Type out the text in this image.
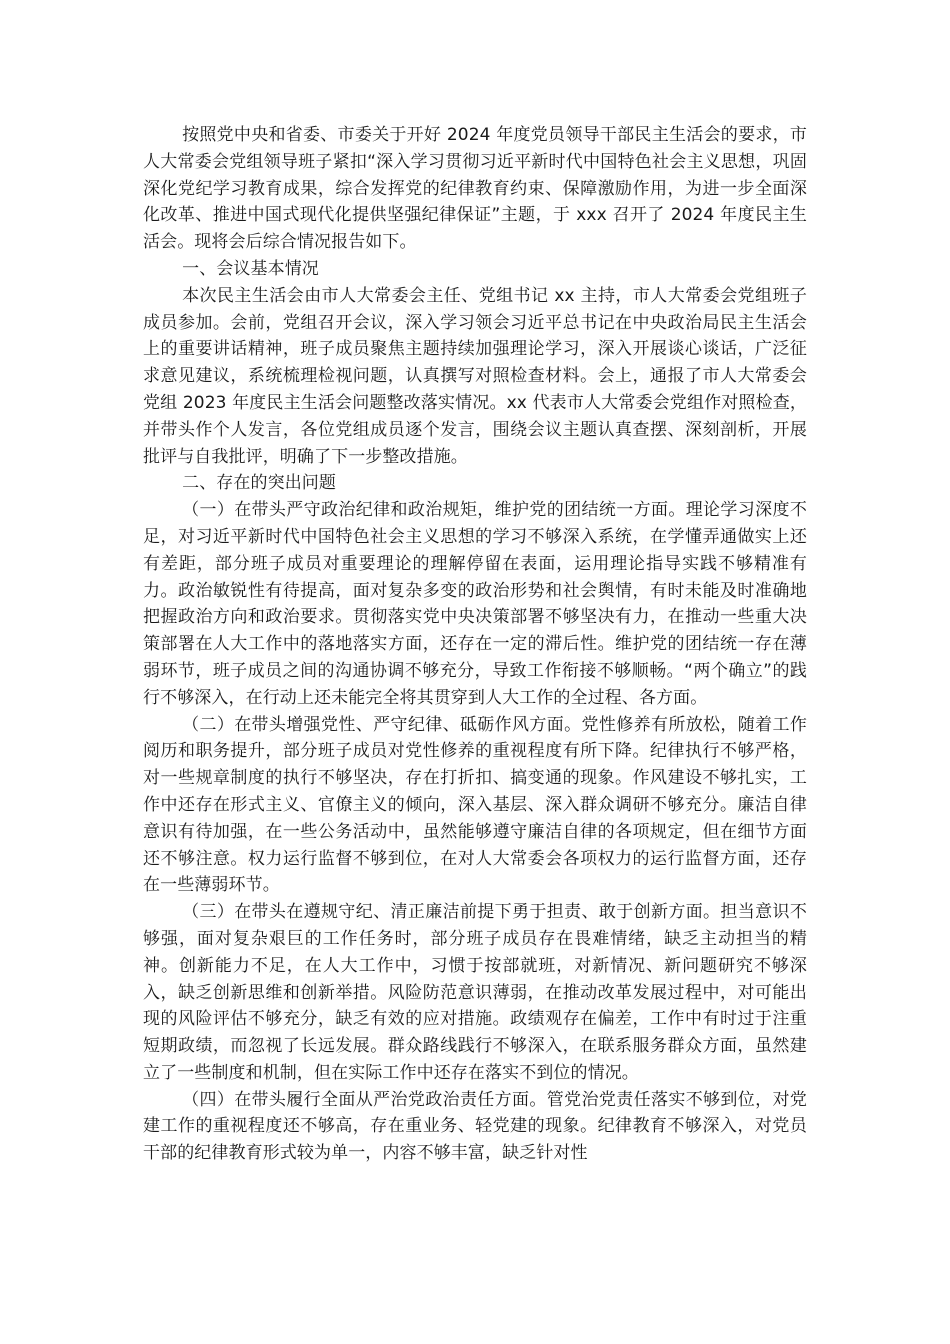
按照党中央和省委、市委关于开好 2024 年度党员领导干部民主生活会的要求，市人大常委会党组领导班子紧扣“深入学习贯彻习近平新时代中国特色社会主义思想，巩固深化党纪学习教育成果，综合发挥党的纪律教育约束、保障激励作用，为进一步全面深化改革、推进中国式现代化提供坚强纪律保证”主题，于 xxx 召开了 2024 年度民主生活会。现将会后综合情况报告如下。

一、会议基本情况

本次民主生活会由市人大常委会主任、党组书记 xx 主持，市人大常委会党组班子成员参加。会前，党组召开会议，深入学习领会习近平总书记在中央政治局民主生活会上的重要讲话精神，班子成员聚焦主题持续加强理论学习，深入开展谈心谈话，广泛征求意见建议，系统梳理检视问题，认真撰写对照检查材料。会上，通报了市人大常委会党组 2023 年度民主生活会问题整改落实情况。xx 代表市人大常委会党组作对照检查，并带头作个人发言，各位党组成员逐个发言，围绕会议主题认真查摆、深刻剖析，开展批评与自我批评，明确了下一步整改措施。

二、存在的突出问题

（一）在带头严守政治纪律和政治规矩，维护党的团结统一方面。理论学习深度不足，对习近平新时代中国特色社会主义思想的学习不够深入系统，在学懂弄通做实上还有差距，部分班子成员对重要理论的理解停留在表面，运用理论指导实践不够精准有力。政治敏锐性有待提高，面对复杂多变的政治形势和社会舆情，有时未能及时准确地把握政治方向和政治要求。贯彻落实党中央决策部署不够坚决有力，在推动一些重大决策部署在人大工作中的落地落实方面，还存在一定的滞后性。维护党的团结统一存在薄弱环节，班子成员之间的沟通协调不够充分，导致工作衔接不够顺畅。“两个确立”的践行不够深入，在行动上还未能完全将其贯穿到人大工作的全过程、各方面。

（二）在带头增强党性、严守纪律、砥砺作风方面。党性修养有所放松，随着工作阅历和职务提升，部分班子成员对党性修养的重视程度有所下降。纪律执行不够严格，对一些规章制度的执行不够坚决，存在打折扣、搞变通的现象。作风建设不够扎实，工作中还存在形式主义、官僚主义的倾向，深入基层、深入群众调研不够充分。廉洁自律意识有待加强，在一些公务活动中，虽然能够遵守廉洁自律的各项规定，但在细节方面还不够注意。权力运行监督不够到位，在对人大常委会各项权力的运行监督方面，还存在一些薄弱环节。

（三）在带头在遵规守纪、清正廉洁前提下勇于担责、敢于创新方面。担当意识不够强，面对复杂艰巨的工作任务时，部分班子成员存在畏难情绪，缺乏主动担当的精神。创新能力不足，在人大工作中，习惯于按部就班，对新情况、新问题研究不够深入，缺乏创新思维和创新举措。风险防范意识薄弱，在推动改革发展过程中，对可能出现的风险评估不够充分，缺乏有效的应对措施。政绩观存在偏差，工作中有时过于注重短期政绩，而忽视了长远发展。群众路线践行不够深入，在联系服务群众方面，虽然建立了一些制度和机制，但在实际工作中还存在落实不到位的情况。

（四）在带头履行全面从严治党政治责任方面。管党治党责任落实不够到位，对党建工作的重视程度还不够高，存在重业务、轻党建的现象。纪律教育不够深入，对党员干部的纪律教育形式较为单一，内容不够丰富，缺乏针对性
